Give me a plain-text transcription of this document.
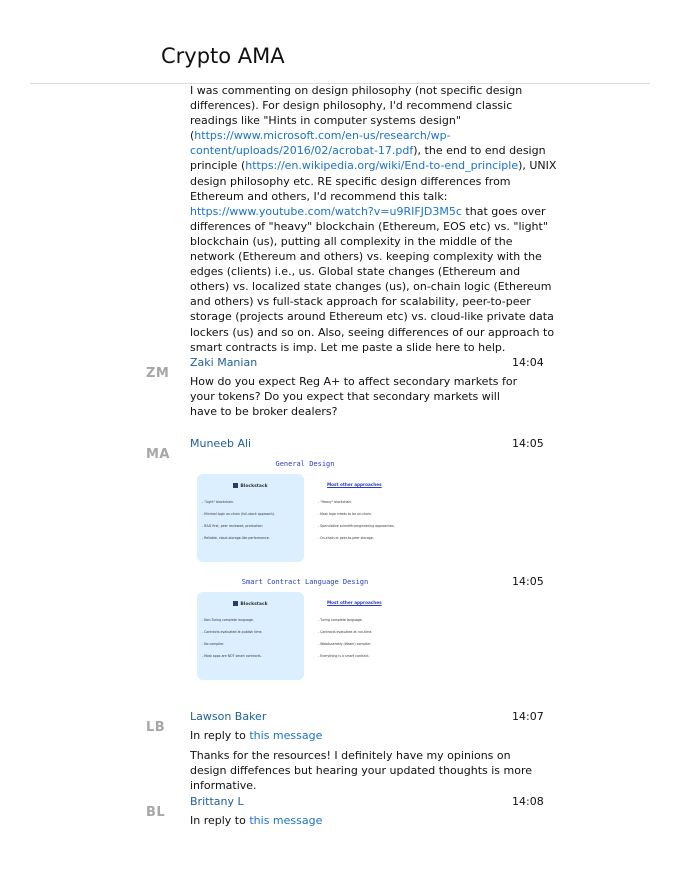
Crypto AMA
I was commenting on design philosophy (not specific design differences). For design philosophy, I'd recommend classic readings like "Hints in computer systems design" (https://www.microsoft.com/en-us/research/wp-content/uploads/2016/02/acrobat-17.pdf), the end to end design principle (https://en.wikipedia.org/wiki/End-to-end_principle), UNIX design philosophy etc. RE specific design differences from Ethereum and others, I'd recommend this talk: https://www.youtube.com/watch?v=u9RIFJD3M5c that goes over differences of "heavy" blockchain (Ethereum, EOS etc) vs. "light" blockchain (us), putting all complexity in the middle of the network (Ethereum and others) vs. keeping complexity with the edges (clients) i.e., us. Global state changes (Ethereum and others) vs. localized state changes (us), on-chain logic (Ethereum and others) vs full-stack approach for scalability, peer-to-peer storage (projects around Ethereum etc) vs. cloud-like private data lockers (us) and so on. Also, seeing differences of our approach to smart contracts is imp. Let me paste a slide here to help.
ZM
Zaki Manian	14:04
How do you expect Reg A+ to affect secondary markets for your tokens? Do you expect that secondary markets will have to be broker dealers?
MA
Muneeb Ali	14:05
General Design
Blockstack
- "Light" blockchain.
- Minimal logic on-chain (full-stack approach).
- R&D first, peer reviewed, production
- Reliable, cloud-storage-like performance.
Most other approaches
- "Heavy" blockchain.
- Most logic needs to be on-chain.
- Speculative scientific/engineering approaches.
- On-chain or peer-to-peer storage.
14:05
Smart Contract Language Design
Blockstack
- Non-Turing complete language.
- Contracts evaluated at publish time.
- No compiler.
- Most apps are NOT smart contracts.
Most other approaches
- Turing complete language.
- Contracts evaluated at run-time.
- WebAssembly (Wasm) compiler.
- Everything is a smart contract.
LB
Lawson Baker	14:07
In reply to this message
Thanks for the resources! I definitely have my opinions on design diffefences but hearing your updated thoughts is more informative.
BL
Brittany L	14:08
In reply to this message
